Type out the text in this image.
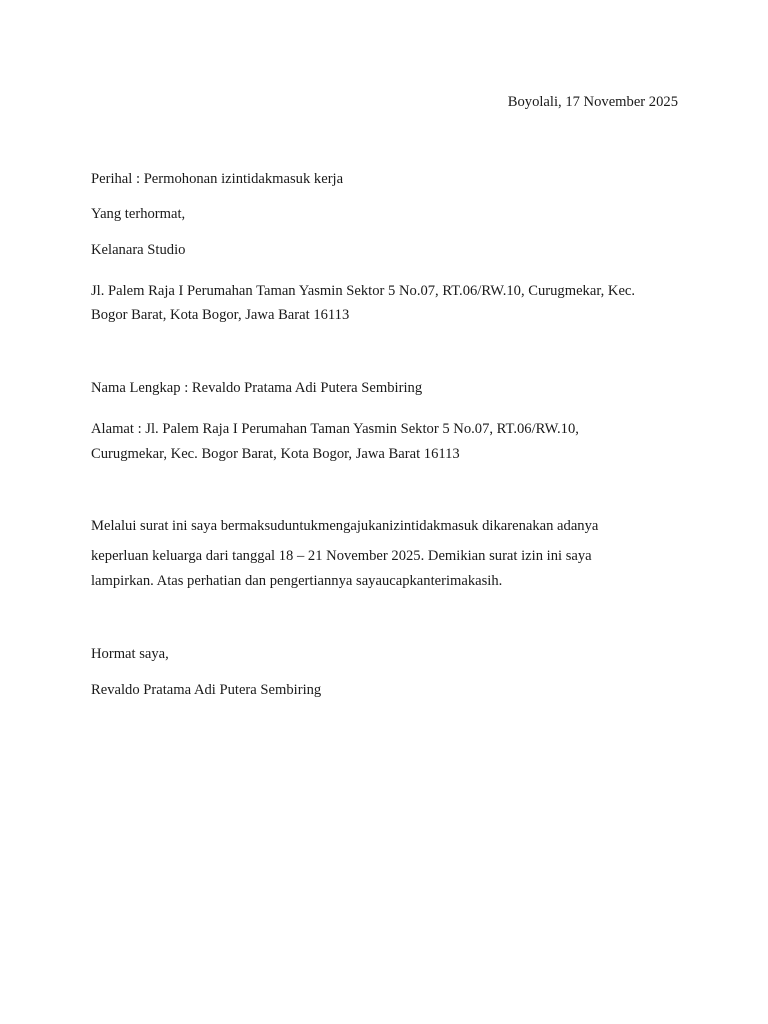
Boyolali, 17 November 2025
Perihal : Permohonan izintidakmasuk kerja
Yang terhormat,
Kelanara Studio
Jl. Palem Raja I Perumahan Taman Yasmin Sektor 5 No.07, RT.06/RW.10, Curugmekar, Kec.
Bogor Barat, Kota Bogor, Jawa Barat 16113
Nama Lengkap : Revaldo Pratama Adi Putera Sembiring
Alamat : Jl. Palem Raja I Perumahan Taman Yasmin Sektor 5 No.07, RT.06/RW.10,
Curugmekar, Kec. Bogor Barat, Kota Bogor, Jawa Barat 16113
Melalui surat ini saya bermaksuduntukmengajukanizintidakmasuk dikarenakan adanya
keperluan keluarga dari tanggal 18 – 21 November 2025. Demikian surat izin ini saya
lampirkan. Atas perhatian dan pengertiannya sayaucapkanterimakasih.
Hormat saya,
Revaldo Pratama Adi Putera Sembiring
